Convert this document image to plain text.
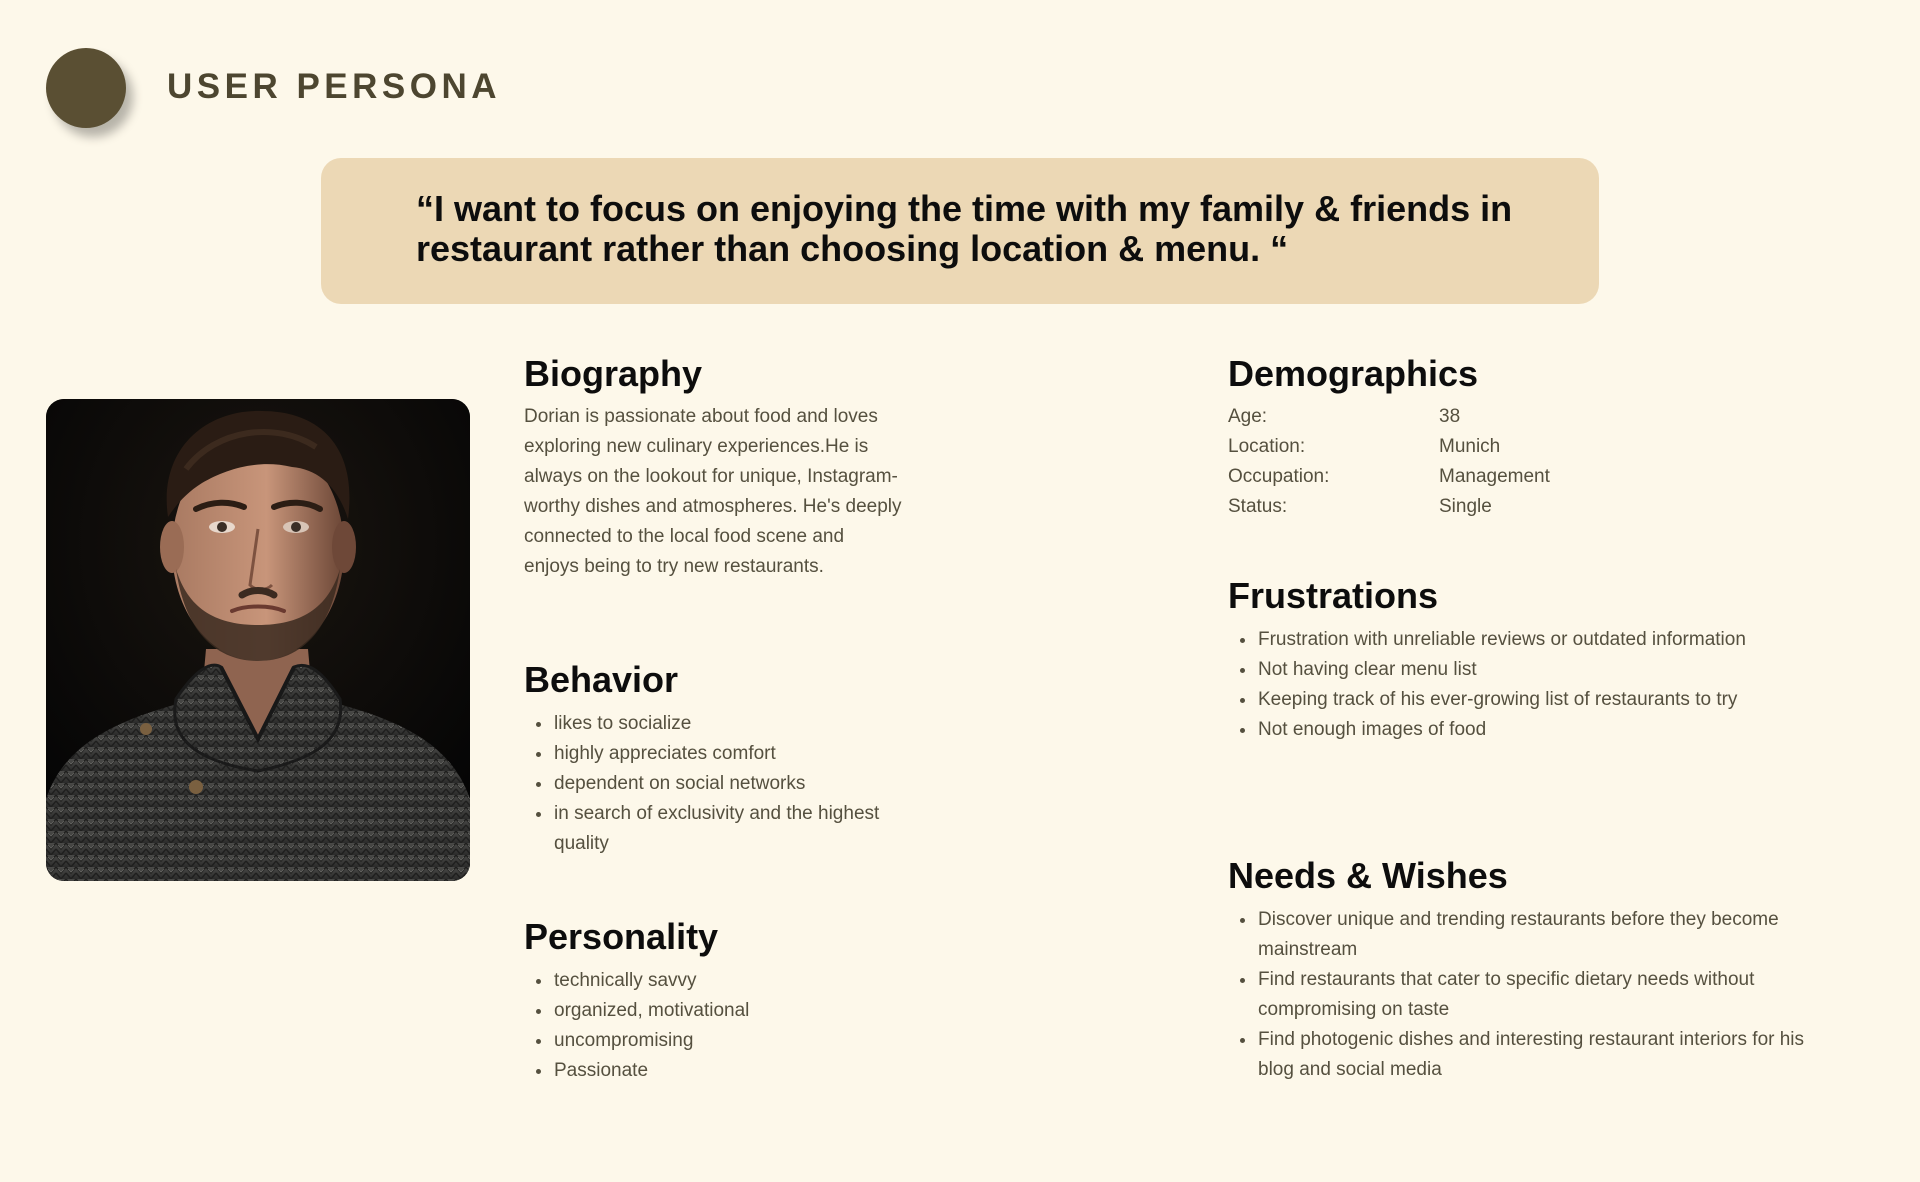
USER PERSONA

“I want to focus on enjoying the time with my family & friends in restaurant rather than choosing location & menu. “

Biography

Dorian is passionate about food and loves exploring new culinary experiences.He is always on the lookout for unique, Instagram-worthy dishes and atmospheres. He's deeply connected to the local food scene and enjoys being to try new restaurants.

Behavior
likes to socialize
highly appreciates comfort
dependent on social networks
in search of exclusivity and the highest quality
Personality
technically savvy
organized, motivational
uncompromising
Passionate
Demographics
Age:	38
Location:	Munich
Occupation:	Management
Status:	Single
Frustrations
Frustration with unreliable reviews or outdated information
Not having clear menu list
Keeping track of his ever-growing list of restaurants to try
Not enough images of food
Needs & Wishes
Discover unique and trending restaurants before they become mainstream
Find restaurants that cater to specific dietary needs without compromising on taste
Find photogenic dishes and interesting restaurant interiors for his blog and social media
